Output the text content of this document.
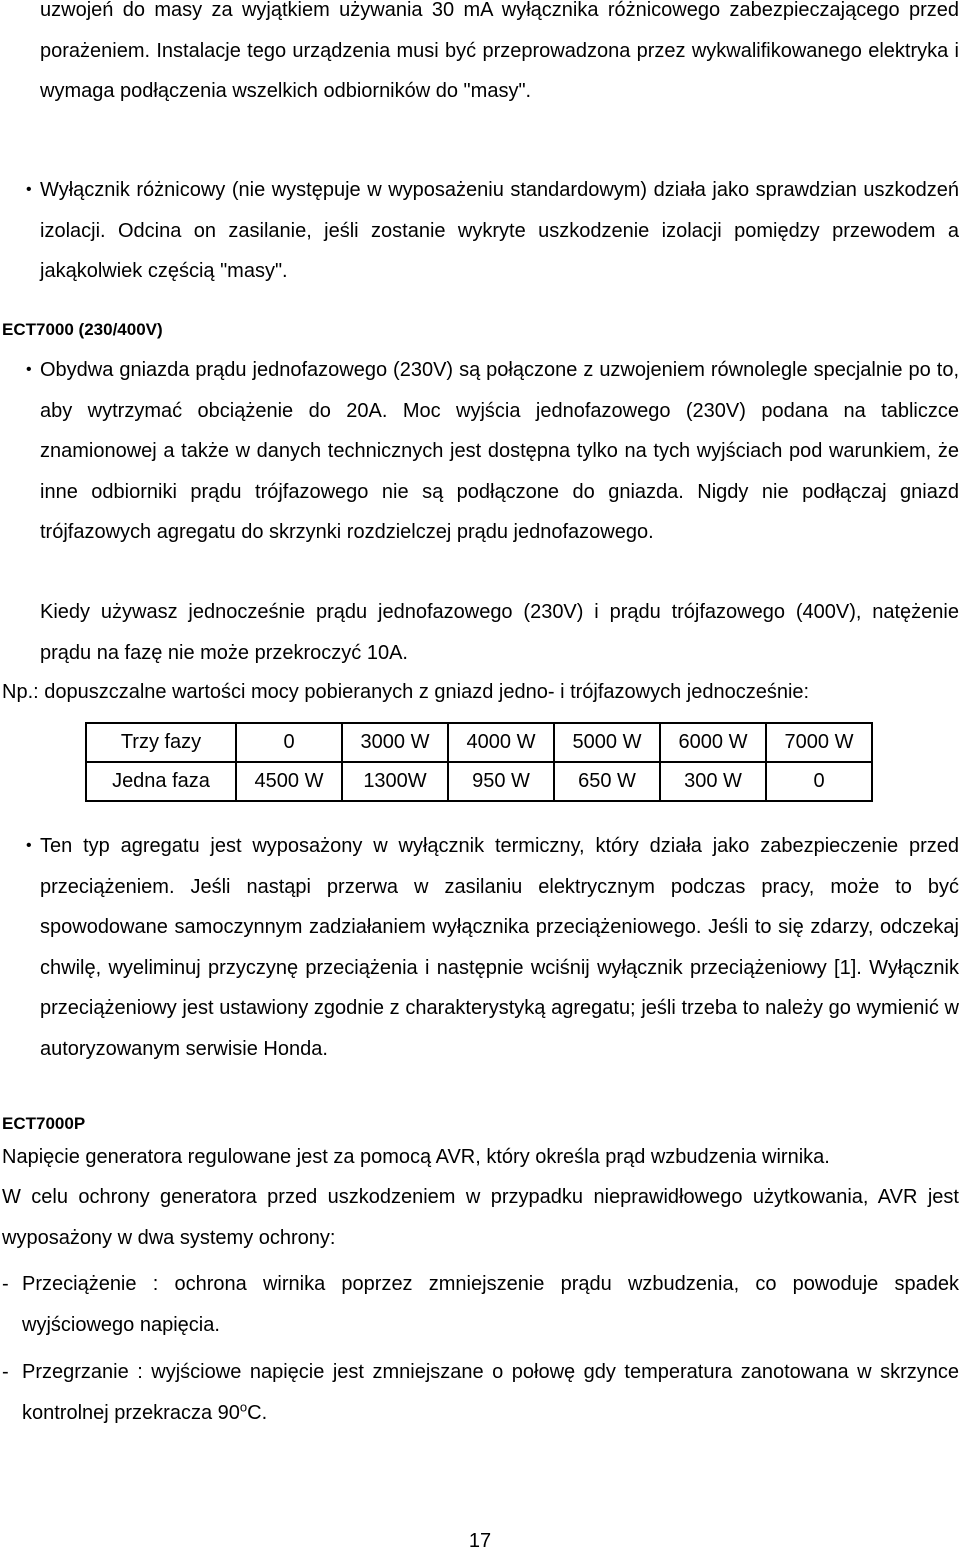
uzwojeń do masy za wyjątkiem używania 30 mA wyłącznika różnicowego zabezpieczającego przed porażeniem. Instalacje tego urządzenia musi być przeprowadzona przez wykwalifikowanego elektryka i wymaga podłączenia wszelkich odbiorników do "masy".

• Wyłącznik różnicowy (nie występuje w wyposażeniu standardowym) działa jako sprawdzian uszkodzeń izolacji. Odcina on zasilanie, jeśli zostanie wykryte uszkodzenie izolacji pomiędzy przewodem a jakąkolwiek częścią "masy".

ECT7000 (230/400V)
• Obydwa gniazda prądu jednofazowego (230V) są połączone z uzwojeniem równolegle specjalnie po to, aby wytrzymać obciążenie do 20A. Moc wyjścia jednofazowego (230V) podana na tabliczce znamionowej a także w danych technicznych jest dostępna tylko na tych wyjściach pod warunkiem, że inne odbiorniki prądu trójfazowego nie są podłączone do gniazda. Nigdy nie podłączaj gniazd trójfazowych agregatu do skrzynki rozdzielczej prądu jednofazowego.

Kiedy używasz jednocześnie prądu jednofazowego (230V) i prądu trójfazowego (400V), natężenie prądu na fazę nie może przekroczyć 10A.

Np.: dopuszczalne wartości mocy pobieranych z gniazd jedno- i trójfazowych jednocześnie:

Trzy fazy	0	3000 W	4000 W	5000 W	6000 W	7000 W
Jedna faza	4500 W	1300W	950 W	650 W	300 W	0
• Ten typ agregatu jest wyposażony w wyłącznik termiczny, który działa jako zabezpieczenie przed przeciążeniem. Jeśli nastąpi przerwa w zasilaniu elektrycznym podczas pracy, może to być spowodowane samoczynnym zadziałaniem wyłącznika przeciążeniowego. Jeśli to się zdarzy, odczekaj chwilę, wyeliminuj przyczynę przeciążenia i następnie wciśnij wyłącznik przeciążeniowy [1]. Wyłącznik przeciążeniowy jest ustawiony zgodnie z charakterystyką agregatu; jeśli trzeba to należy go wymienić w autoryzowanym serwisie Honda.

ECT7000P

Napięcie generatora regulowane jest za pomocą AVR, który określa prąd wzbudzenia wirnika.

W celu ochrony generatora przed uszkodzeniem w przypadku nieprawidłowego użytkowania, AVR jest wyposażony w dwa systemy ochrony:

- Przeciążenie : ochrona wirnika poprzez zmniejszenie prądu wzbudzenia, co powoduje spadek wyjściowego napięcia.

- Przegrzanie : wyjściowe napięcie jest zmniejszane o połowę gdy temperatura zanotowana w skrzynce kontrolnej przekracza 90$^o$C.

17
